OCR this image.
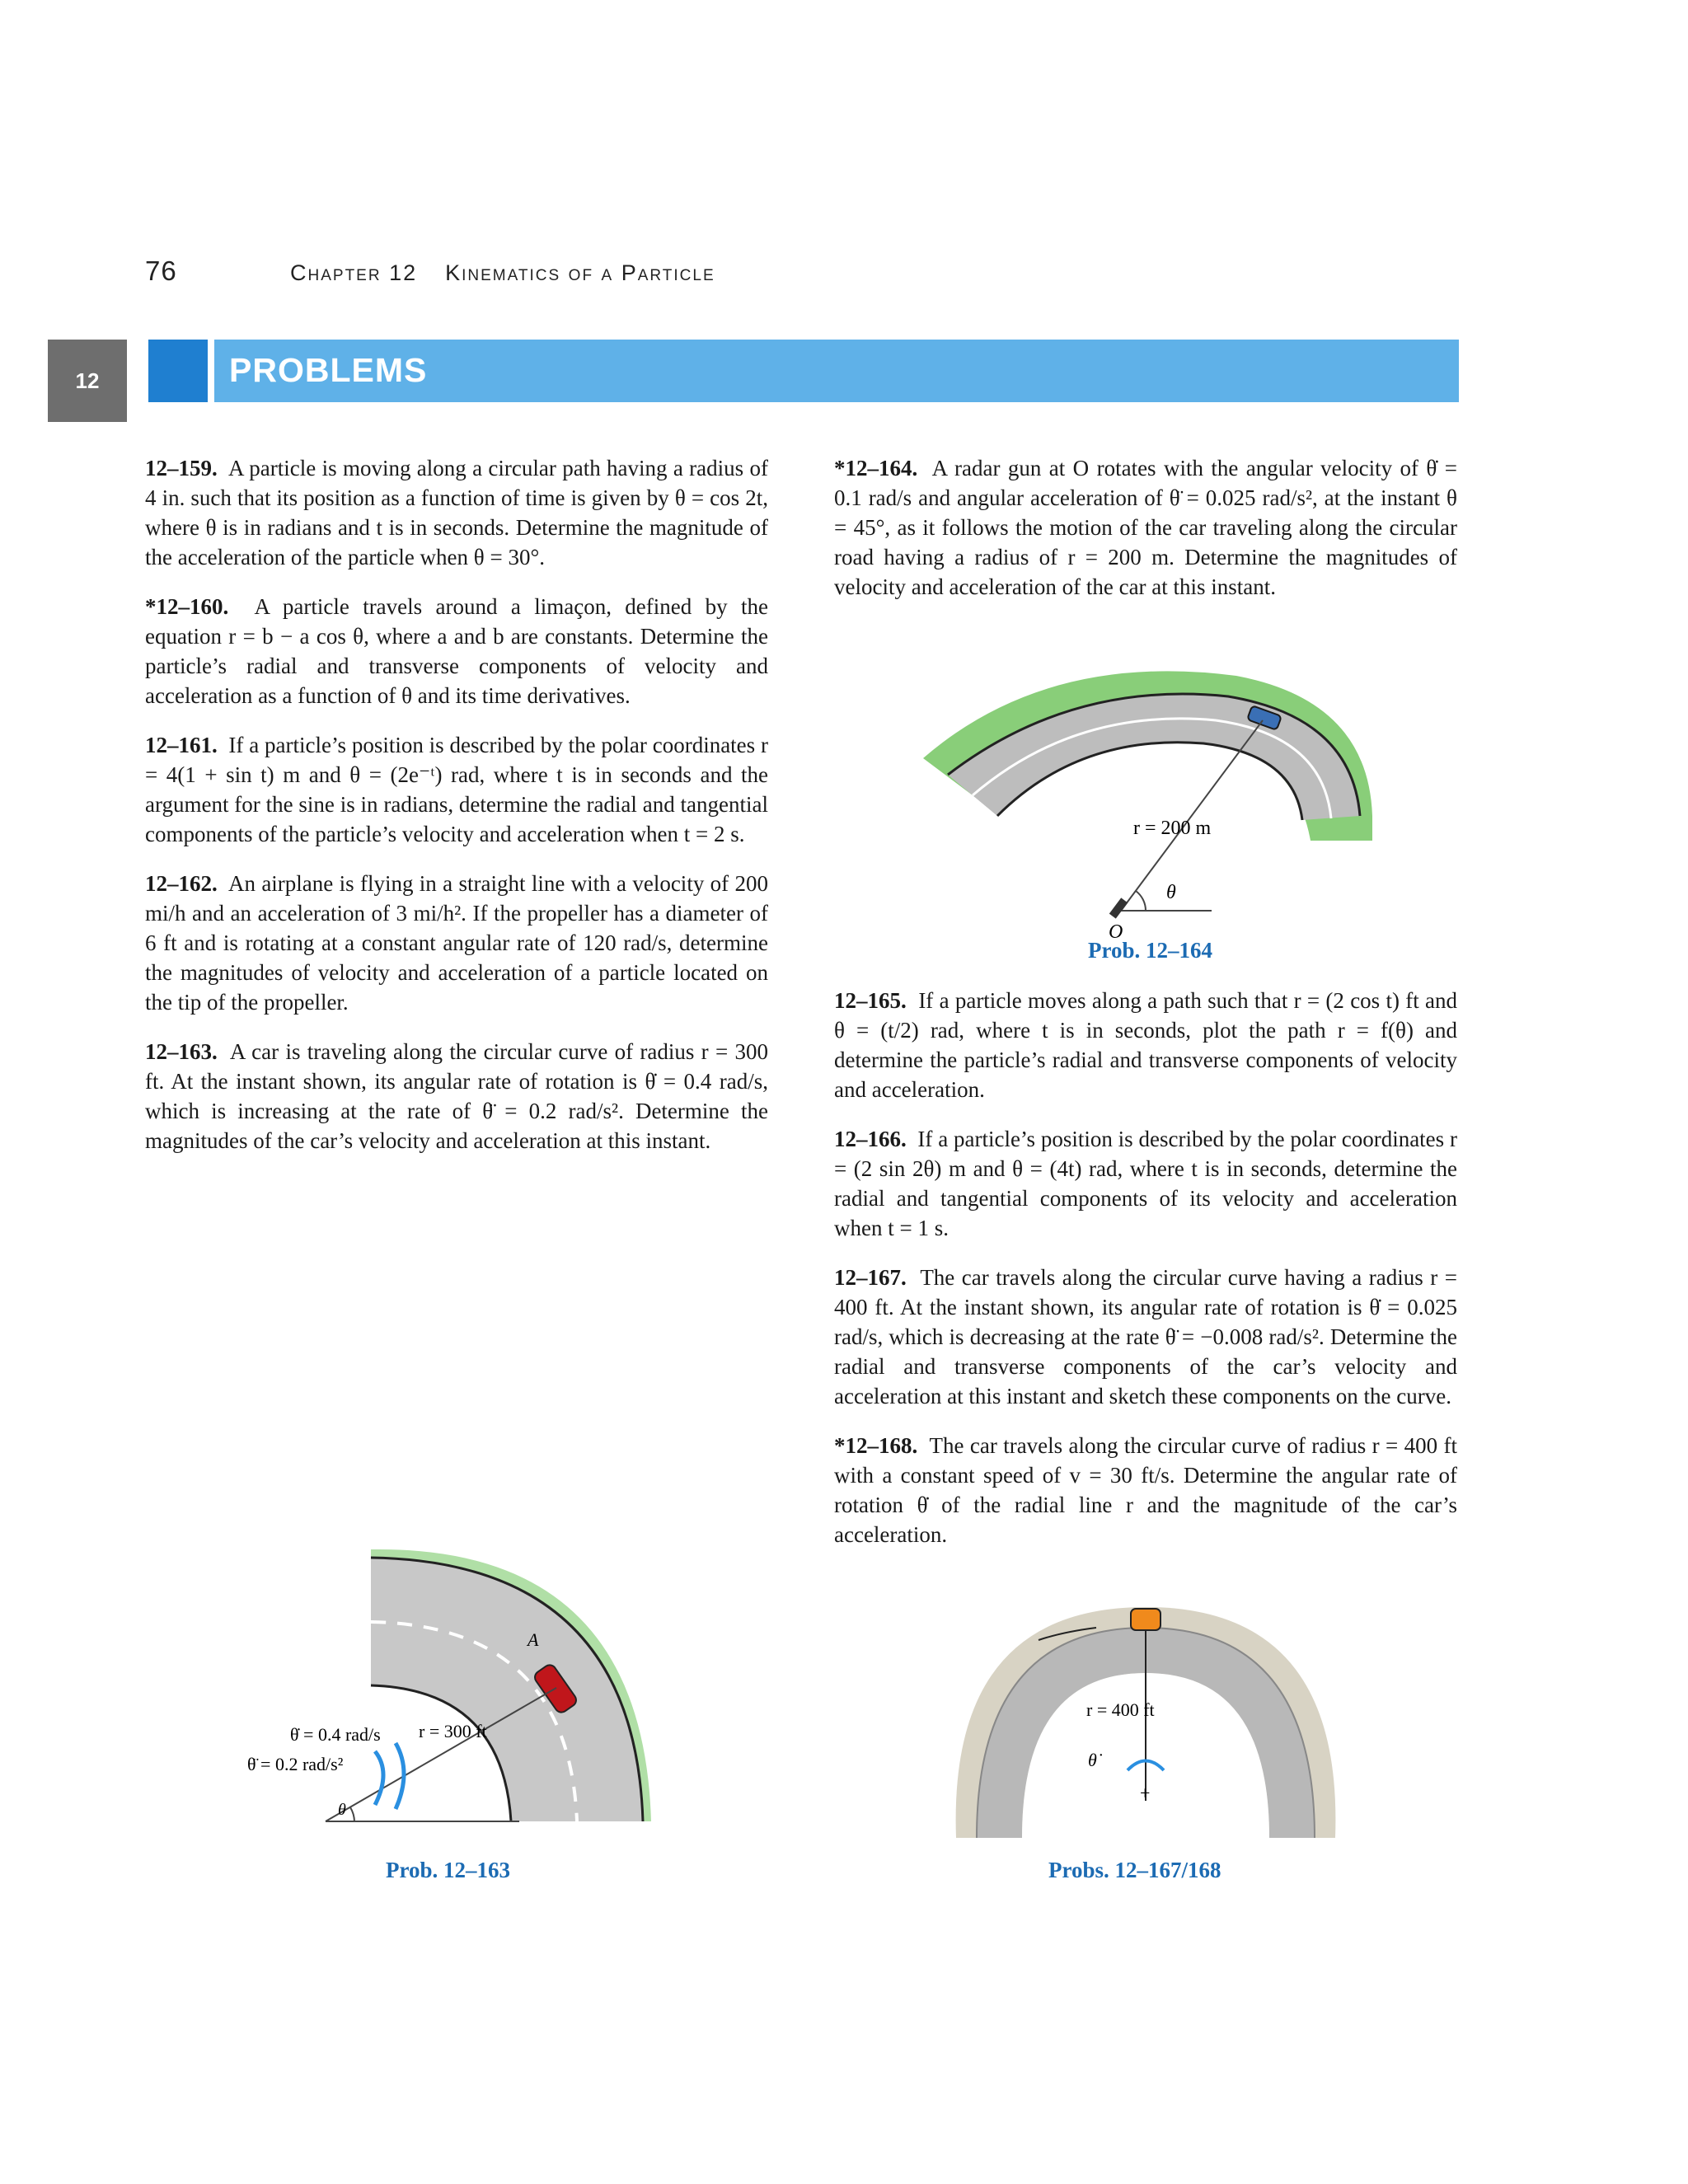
76	Chapter 12 Kinematics of a Particle
12	PROBLEMS

12–159. A particle is moving along a circular path having a radius of 4 in. such that its position as a function of time is given by θ = cos 2t, where θ is in radians and t is in seconds. Determine the magnitude of the acceleration of the particle when θ = 30°.

*12–160. A particle travels around a limaçon, defined by the equation r = b − a cos θ, where a and b are constants. Determine the particle’s radial and transverse components of velocity and acceleration as a function of θ and its time derivatives.

12–161. If a particle’s position is described by the polar coordinates r = 4(1 + sin t) m and θ = (2e⁻ᵗ) rad, where t is in seconds and the argument for the sine is in radians, determine the radial and tangential components of the particle’s velocity and acceleration when t = 2 s.

12–162. An airplane is flying in a straight line with a velocity of 200 mi/h and an acceleration of 3 mi/h². If the propeller has a diameter of 6 ft and is rotating at a constant angular rate of 120 rad/s, determine the magnitudes of velocity and acceleration of a particle located on the tip of the propeller.

12–163. A car is traveling along the circular curve of radius r = 300 ft. At the instant shown, its angular rate of rotation is θ̇ = 0.4 rad/s, which is increasing at the rate of θ̈ = 0.2 rad/s². Determine the magnitudes of the car’s velocity and acceleration at this instant.

*12–164. A radar gun at O rotates with the angular velocity of θ̇ = 0.1 rad/s and angular acceleration of θ̈ = 0.025 rad/s², at the instant θ = 45°, as it follows the motion of the car traveling along the circular road having a radius of r = 200 m. Determine the magnitudes of velocity and acceleration of the car at this instant.

r = 200 m
θ
O
Prob. 12–164

12–165. If a particle moves along a path such that r = (2 cos t) ft and θ = (t/2) rad, where t is in seconds, plot the path r = f(θ) and determine the particle’s radial and transverse components of velocity and acceleration.

12–166. If a particle’s position is described by the polar coordinates r = (2 sin 2θ) m and θ = (4t) rad, where t is in seconds, determine the radial and tangential components of its velocity and acceleration when t = 1 s.

12–167. The car travels along the circular curve having a radius r = 400 ft. At the instant shown, its angular rate of rotation is θ̇ = 0.025 rad/s, which is decreasing at the rate θ̈ = −0.008 rad/s². Determine the radial and transverse components of the car’s velocity and acceleration at this instant and sketch these components on the curve.

*12–168. The car travels along the circular curve of radius r = 400 ft with a constant speed of v = 30 ft/s. Determine the angular rate of rotation θ̇ of the radial line r and the magnitude of the car’s acceleration.

A
r = 300 ft
θ̇ = 0.4 rad/s
θ̈ = 0.2 rad/s²
θ
Prob. 12–163
r = 400 ft
θ̇
+
Probs. 12–167/168
